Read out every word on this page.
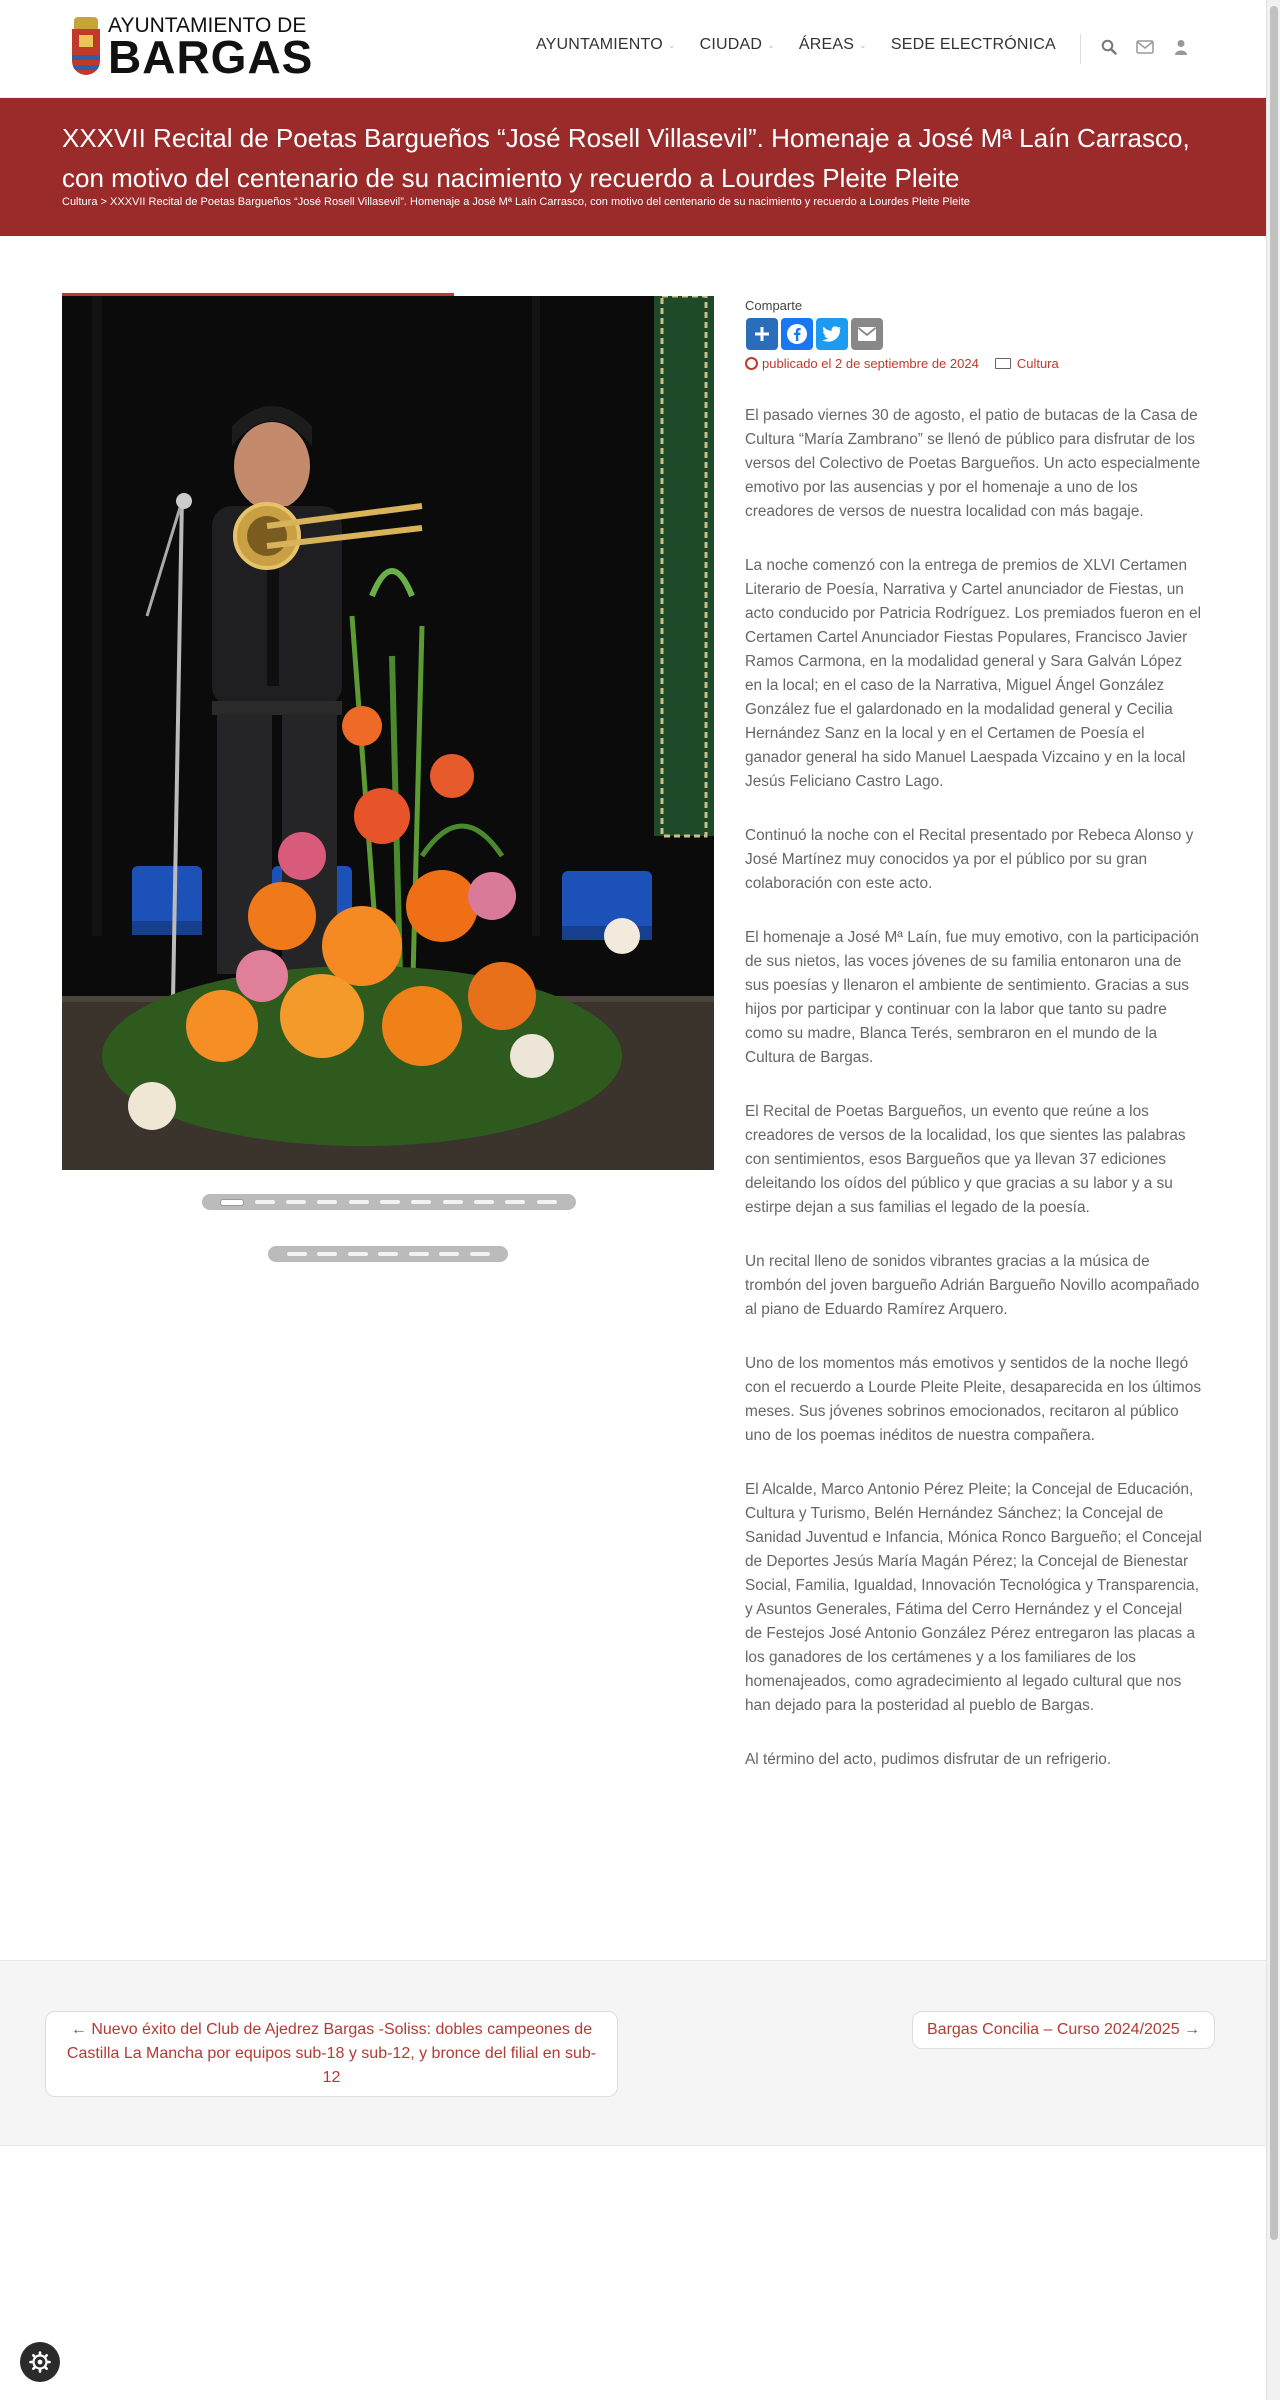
AYUNTAMIENTO DE
BARGAS	AYUNTAMIENTO ⌄ CIUDAD ⌄ ÁREAS ⌄ SEDE ELECTRÓNICA
XXXVII Recital de Poetas Bargueños “José Rosell Villasevil”. Homenaje a José Mª Laín Carrasco, con motivo del centenario de su nacimiento y recuerdo a Lourdes Pleite Pleite
Cultura > XXXVII Recital de Poetas Bargueños “José Rosell Villasevil”. Homenaje a José Mª Laín Carrasco, con motivo del centenario de su nacimiento y recuerdo a Lourdes Pleite Pleite
Comparte
publicado el 2 de septiembre de 2024	Cultura

El pasado viernes 30 de agosto, el patio de butacas de la Casa de Cultura “María Zambrano” se llenó de público para disfrutar de los versos del Colectivo de Poetas Bargueños. Un acto especialmente emotivo por las ausencias y por el homenaje a uno de los creadores de versos de nuestra localidad con más bagaje.

La noche comenzó con la entrega de premios de XLVI Certamen Literario de Poesía, Narrativa y Cartel anunciador de Fiestas, un acto conducido por Patricia Rodríguez. Los premiados fueron en el Certamen Cartel Anunciador Fiestas Populares, Francisco Javier Ramos Carmona, en la modalidad general y Sara Galván López en la local; en el caso de la Narrativa, Miguel Ángel González González fue el galardonado en la modalidad general y Cecilia Hernández Sanz en la local y en el Certamen de Poesía el ganador general ha sido Manuel Laespada Vizcaino y en la local Jesús Feliciano Castro Lago.

Continuó la noche con el Recital presentado por Rebeca Alonso y José Martínez muy conocidos ya por el público por su gran colaboración con este acto.

El homenaje a José Mª Laín, fue muy emotivo, con la participación de sus nietos, las voces jóvenes de su familia entonaron una de sus poesías y llenaron el ambiente de sentimiento. Gracias a sus hijos por participar y continuar con la labor que tanto su padre como su madre, Blanca Terés, sembraron en el mundo de la Cultura de Bargas.

El Recital de Poetas Bargueños, un evento que reúne a los creadores de versos de la localidad, los que sientes las palabras con sentimientos, esos Bargueños que ya llevan 37 ediciones deleitando los oídos del público y que gracias a su labor y a su estirpe dejan a sus familias el legado de la poesía.

Un recital lleno de sonidos vibrantes gracias a la música de trombón del joven bargueño Adrián Bargueño Novillo acompañado al piano de Eduardo Ramírez Arquero.

Uno de los momentos más emotivos y sentidos de la noche llegó con el recuerdo a Lourde Pleite Pleite, desaparecida en los últimos meses. Sus jóvenes sobrinos emocionados, recitaron al público uno de los poemas inéditos de nuestra compañera.

El Alcalde, Marco Antonio Pérez Pleite; la Concejal de Educación, Cultura y Turismo, Belén Hernández Sánchez; la Concejal de Sanidad Juventud e Infancia, Mónica Ronco Bargueño; el Concejal de Deportes Jesús María Magán Pérez; la Concejal de Bienestar Social, Familia, Igualdad, Innovación Tecnológica y Transparencia, y Asuntos Generales, Fátima del Cerro Hernández y el Concejal de Festejos José Antonio González Pérez entregaron las placas a los ganadores de los certámenes y a los familiares de los homenajeados, como agradecimiento al legado cultural que nos han dejado para la posteridad al pueblo de Bargas.

Al término del acto, pudimos disfrutar de un refrigerio.

← Nuevo éxito del Club de Ajedrez Bargas -Soliss: dobles campeones de Castilla La Mancha por equipos sub-18 y sub-12, y bronce del filial en sub-12
Bargas Concilia – Curso 2024/2025 →
